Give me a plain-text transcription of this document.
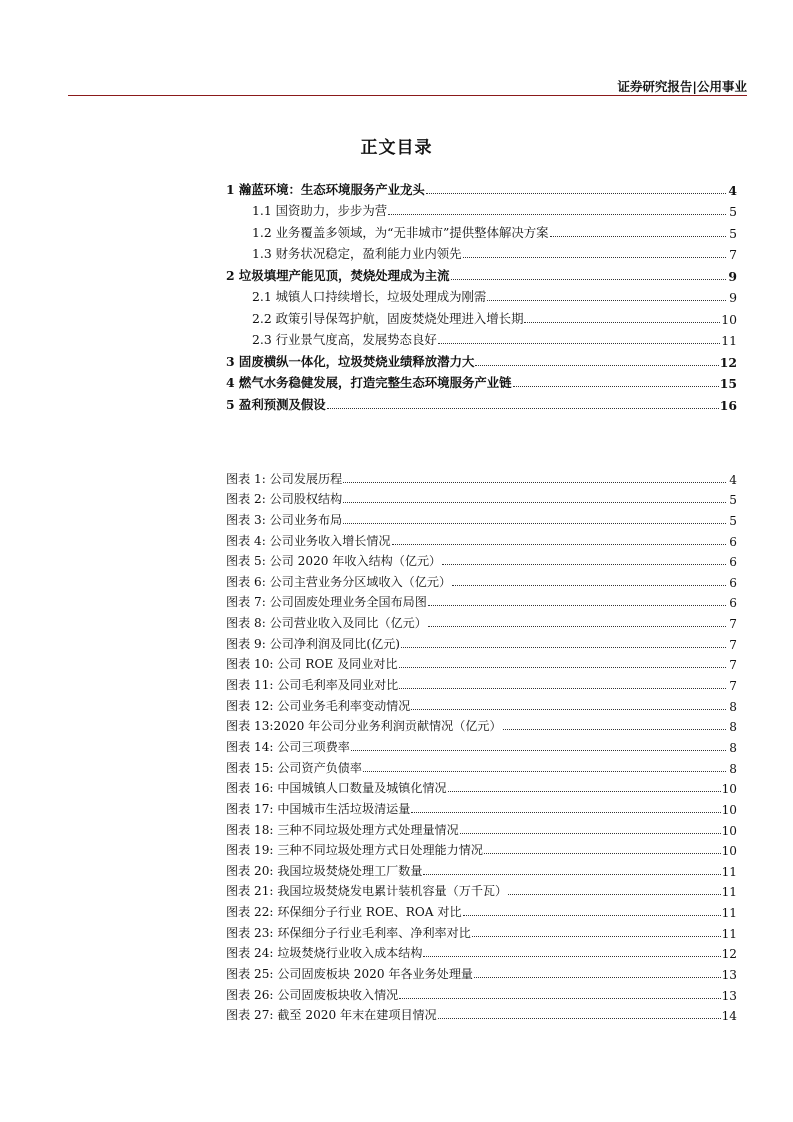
证券研究报告|公用事业
正文目录
1 瀚蓝环境：生态环境服务产业龙头	4
1.1 国资助力，步步为营	5
1.2 业务覆盖多领域，为“无非城市”提供整体解决方案	5
1.3 财务状况稳定，盈利能力业内领先	7
2 垃圾填埋产能见顶，焚烧处理成为主流	9
2.1 城镇人口持续增长，垃圾处理成为刚需	9
2.2 政策引导保驾护航，固废焚烧处理进入增长期	10
2.3 行业景气度高，发展势态良好	11
3 固废横纵一体化，垃圾焚烧业绩释放潜力大	12
4 燃气水务稳健发展，打造完整生态环境服务产业链	15
5 盈利预测及假设	16
图表 1: 公司发展历程	4
图表 2: 公司股权结构	5
图表 3: 公司业务布局	5
图表 4: 公司业务收入增长情况	6
图表 5: 公司 2020 年收入结构（亿元）	6
图表 6: 公司主营业务分区域收入（亿元）	6
图表 7: 公司固废处理业务全国布局图	6
图表 8: 公司营业收入及同比（亿元）	7
图表 9: 公司净利润及同比(亿元)	7
图表 10: 公司 ROE 及同业对比	7
图表 11: 公司毛利率及同业对比	7
图表 12: 公司业务毛利率变动情况	8
图表 13:2020 年公司分业务利润贡献情况（亿元）	8
图表 14: 公司三项费率	8
图表 15: 公司资产负债率	8
图表 16: 中国城镇人口数量及城镇化情况	10
图表 17: 中国城市生活垃圾清运量	10
图表 18: 三种不同垃圾处理方式处理量情况	10
图表 19: 三种不同垃圾处理方式日处理能力情况	10
图表 20: 我国垃圾焚烧处理工厂数量	11
图表 21: 我国垃圾焚烧发电累计装机容量（万千瓦）	11
图表 22: 环保细分子行业 ROE、ROA 对比	11
图表 23: 环保细分子行业毛利率、净利率对比	11
图表 24: 垃圾焚烧行业收入成本结构	12
图表 25: 公司固废板块 2020 年各业务处理量	13
图表 26: 公司固废板块收入情况	13
图表 27: 截至 2020 年末在建项目情况	14
